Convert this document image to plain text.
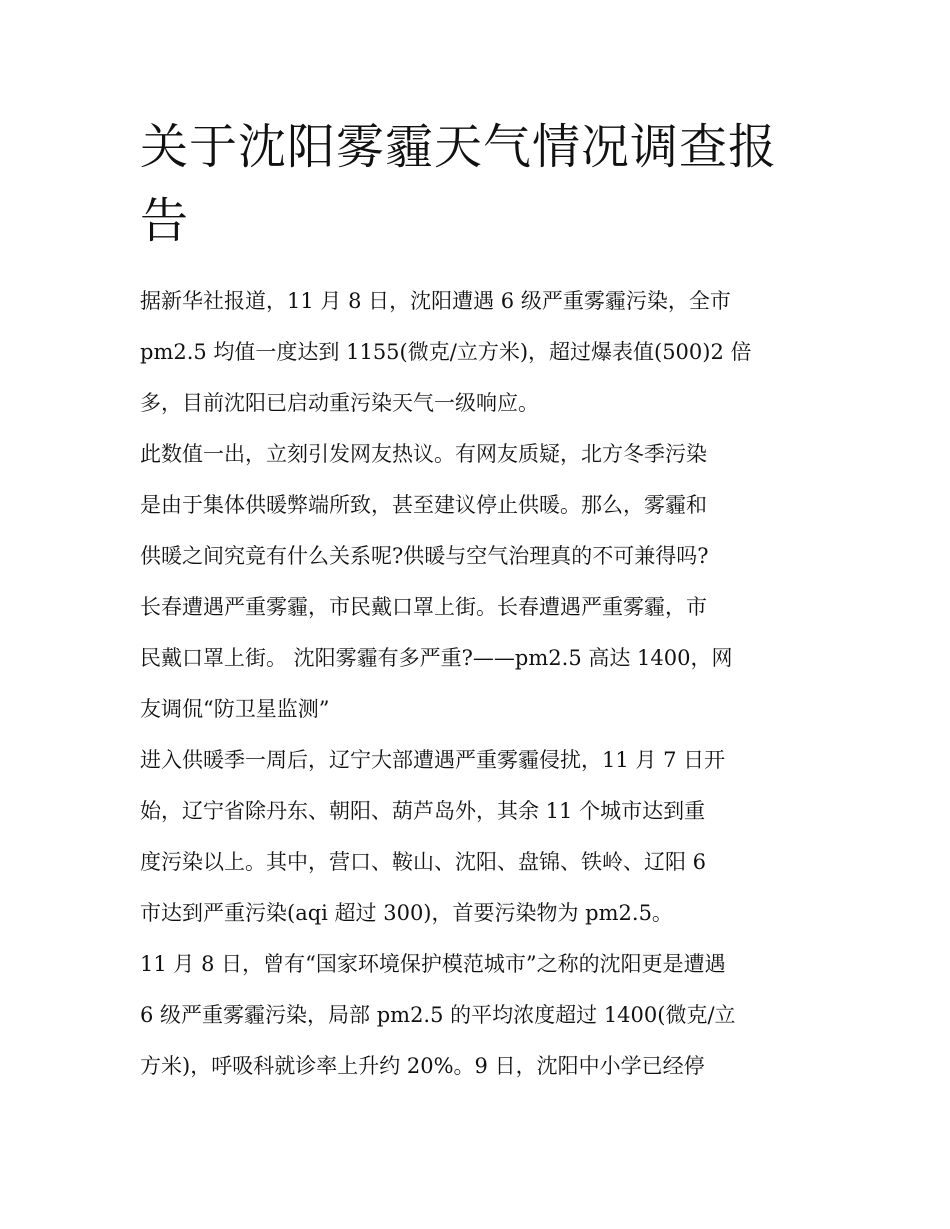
关于沈阳雾霾天气情况调查报
告

据新华社报道，11 月 8 日，沈阳遭遇 6 级严重雾霾污染，全市
pm2.5 均值一度达到 1155(微克/立方米)，超过爆表值(500)2 倍
多，目前沈阳已启动重污染天气一级响应。

此数值一出，立刻引发网友热议。有网友质疑，北方冬季污染
是由于集体供暖弊端所致，甚至建议停止供暖。那么，雾霾和
供暖之间究竟有什么关系呢?供暖与空气治理真的不可兼得吗?
长春遭遇严重雾霾，市民戴口罩上街。长春遭遇严重雾霾，市
民戴口罩上街。 沈阳雾霾有多严重?——pm2.5 高达 1400，网
友调侃“防卫星监测”

进入供暖季一周后，辽宁大部遭遇严重雾霾侵扰，11 月 7 日开
始，辽宁省除丹东、朝阳、葫芦岛外，其余 11 个城市达到重
度污染以上。其中，营口、鞍山、沈阳、盘锦、铁岭、辽阳 6
市达到严重污染(aqi 超过 300)，首要污染物为 pm2.5。

11 月 8 日，曾有“国家环境保护模范城市”之称的沈阳更是遭遇
6 级严重雾霾污染，局部 pm2.5 的平均浓度超过 1400(微克/立
方米)，呼吸科就诊率上升约 20%。9 日，沈阳中小学已经停
